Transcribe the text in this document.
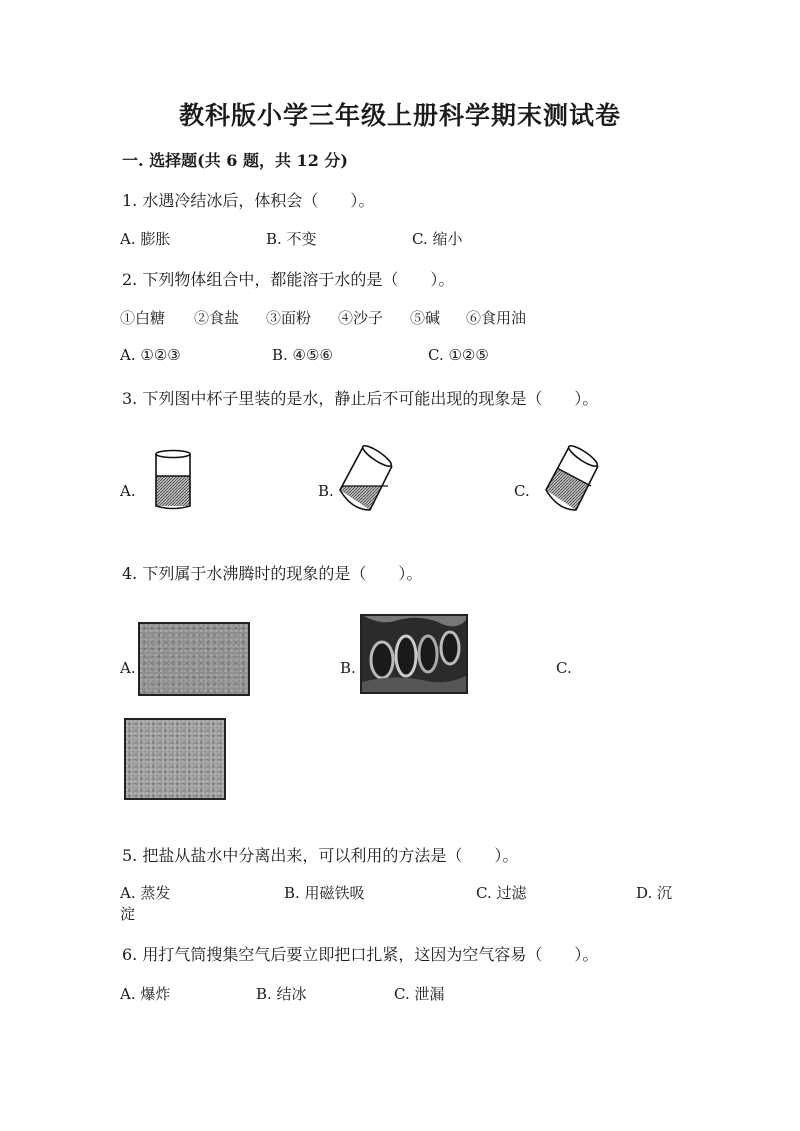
教科版小学三年级上册科学期末测试卷
一. 选择题(共 6 题，共 12 分)
1. 水遇冷结冰后，体积会（　　）。
A. 膨胀	B. 不变	C. 缩小
2. 下列物体组合中，都能溶于水的是（　　）。
①白糖 ②食盐 ③面粉 ④沙子 ⑤碱 ⑥食用油
A. ①②③	B. ④⑤⑥	C. ①②⑤
3. 下列图中杯子里装的是水，静止后不可能出现的现象是（　　）。
A.	B.	C.
4. 下列属于水沸腾时的现象的是（　　）。
A.	B.	C.
5. 把盐从盐水中分离出来，可以利用的方法是（　　）。
A. 蒸发	B. 用磁铁吸	C. 过滤	D. 沉
淀
6. 用打气筒搜集空气后要立即把口扎紧，这因为空气容易（　　）。
A. 爆炸	B. 结冰	C. 泄漏
